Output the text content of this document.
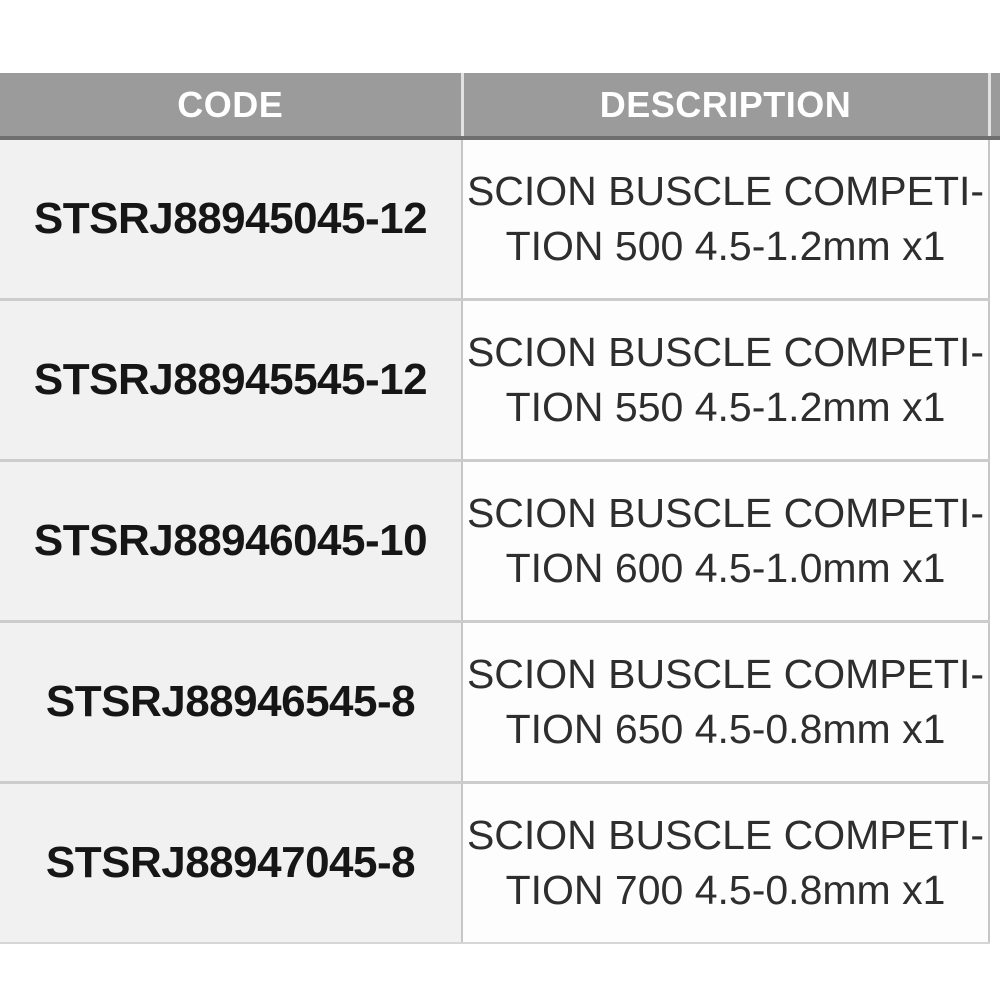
CODE	DESCRIPTION	
STSRJ88945045-12	SCION BUSCLE COMPETI-
TION 500 4.5-1.2mm x1	

STSRJ88945545-12	SCION BUSCLE COMPETI-
TION 550 4.5-1.2mm x1	

STSRJ88946045-10	SCION BUSCLE COMPETI-
TION 600 4.5-1.0mm x1	

STSRJ88946545-8	SCION BUSCLE COMPETI-
TION 650 4.5-0.8mm x1	

STSRJ88947045-8	SCION BUSCLE COMPETI-
TION 700 4.5-0.8mm x1	
